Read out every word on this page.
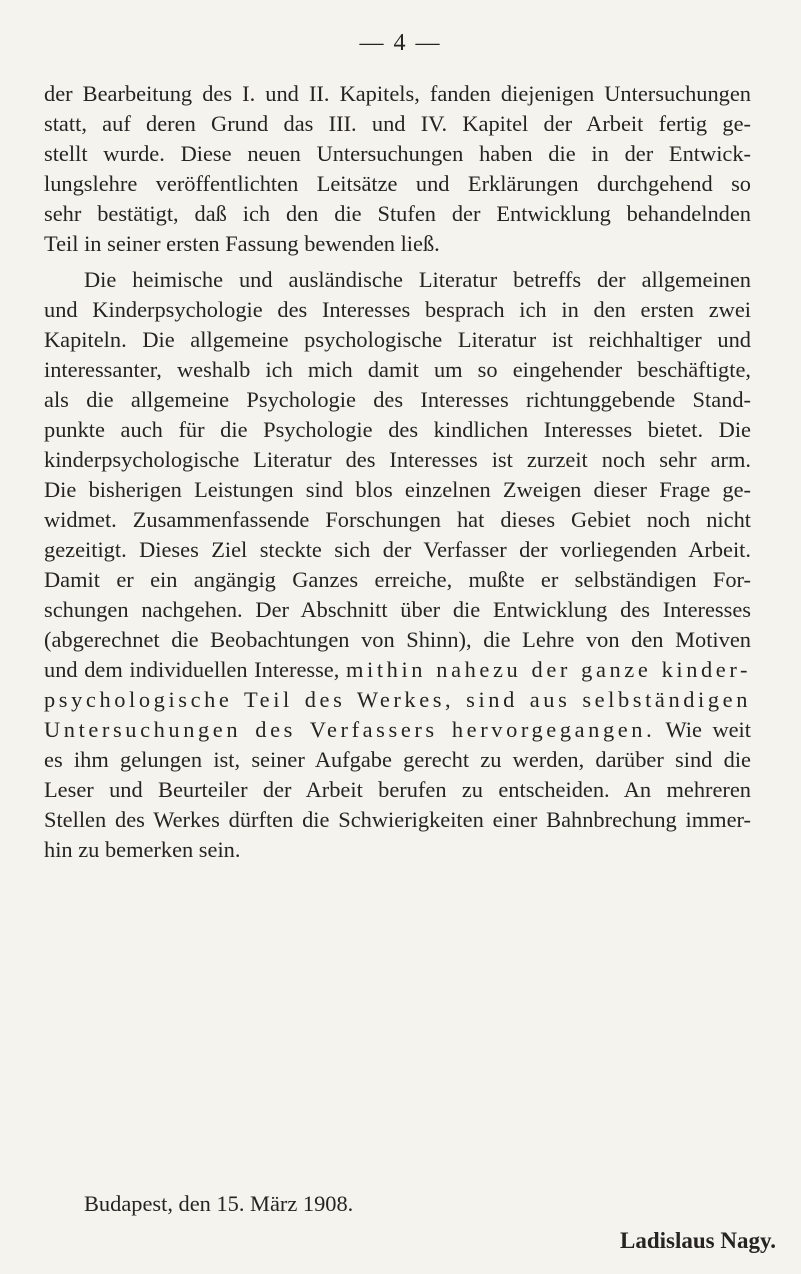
— 4 —
der Bearbeitung des I. und II. Kapitels, fanden diejenigen Untersuchungen
statt, auf deren Grund das III. und IV. Kapitel der Arbeit fertig ge-
stellt wurde. Diese neuen Untersuchungen haben die in der Entwick-
lungslehre veröffentlichten Leitsätze und Erklärungen durchgehend so
sehr bestätigt, daß ich den die Stufen der Entwicklung behandelnden
Teil in seiner ersten Fassung bewenden ließ.
Die heimische und ausländische Literatur betreffs der allgemeinen
und Kinderpsychologie des Interesses besprach ich in den ersten zwei
Kapiteln. Die allgemeine psychologische Literatur ist reichhaltiger und
interessanter, weshalb ich mich damit um so eingehender beschäftigte,
als die allgemeine Psychologie des Interesses richtunggebende Stand-
punkte auch für die Psychologie des kindlichen Interesses bietet. Die
kinderpsychologische Literatur des Interesses ist zurzeit noch sehr arm.
Die bisherigen Leistungen sind blos einzelnen Zweigen dieser Frage ge-
widmet. Zusammenfassende Forschungen hat dieses Gebiet noch nicht
gezeitigt. Dieses Ziel steckte sich der Verfasser der vorliegenden Arbeit.
Damit er ein angängig Ganzes erreiche, mußte er selbständigen For-
schungen nachgehen. Der Abschnitt über die Entwicklung des Interesses
(abgerechnet die Beobachtungen von Shinn), die Lehre von den Motiven
und dem individuellen Interesse, mithin nahezu der ganze kinder-
psychologische Teil des Werkes, sind aus selbständigen
Untersuchungen des Verfassers hervorgegangen. Wie weit
es ihm gelungen ist, seiner Aufgabe gerecht zu werden, darüber sind die
Leser und Beurteiler der Arbeit berufen zu entscheiden. An mehreren
Stellen des Werkes dürften die Schwierigkeiten einer Bahnbrechung immer-
hin zu bemerken sein.
Budapest, den 15. März 1908.
Ladislaus Nagy.
